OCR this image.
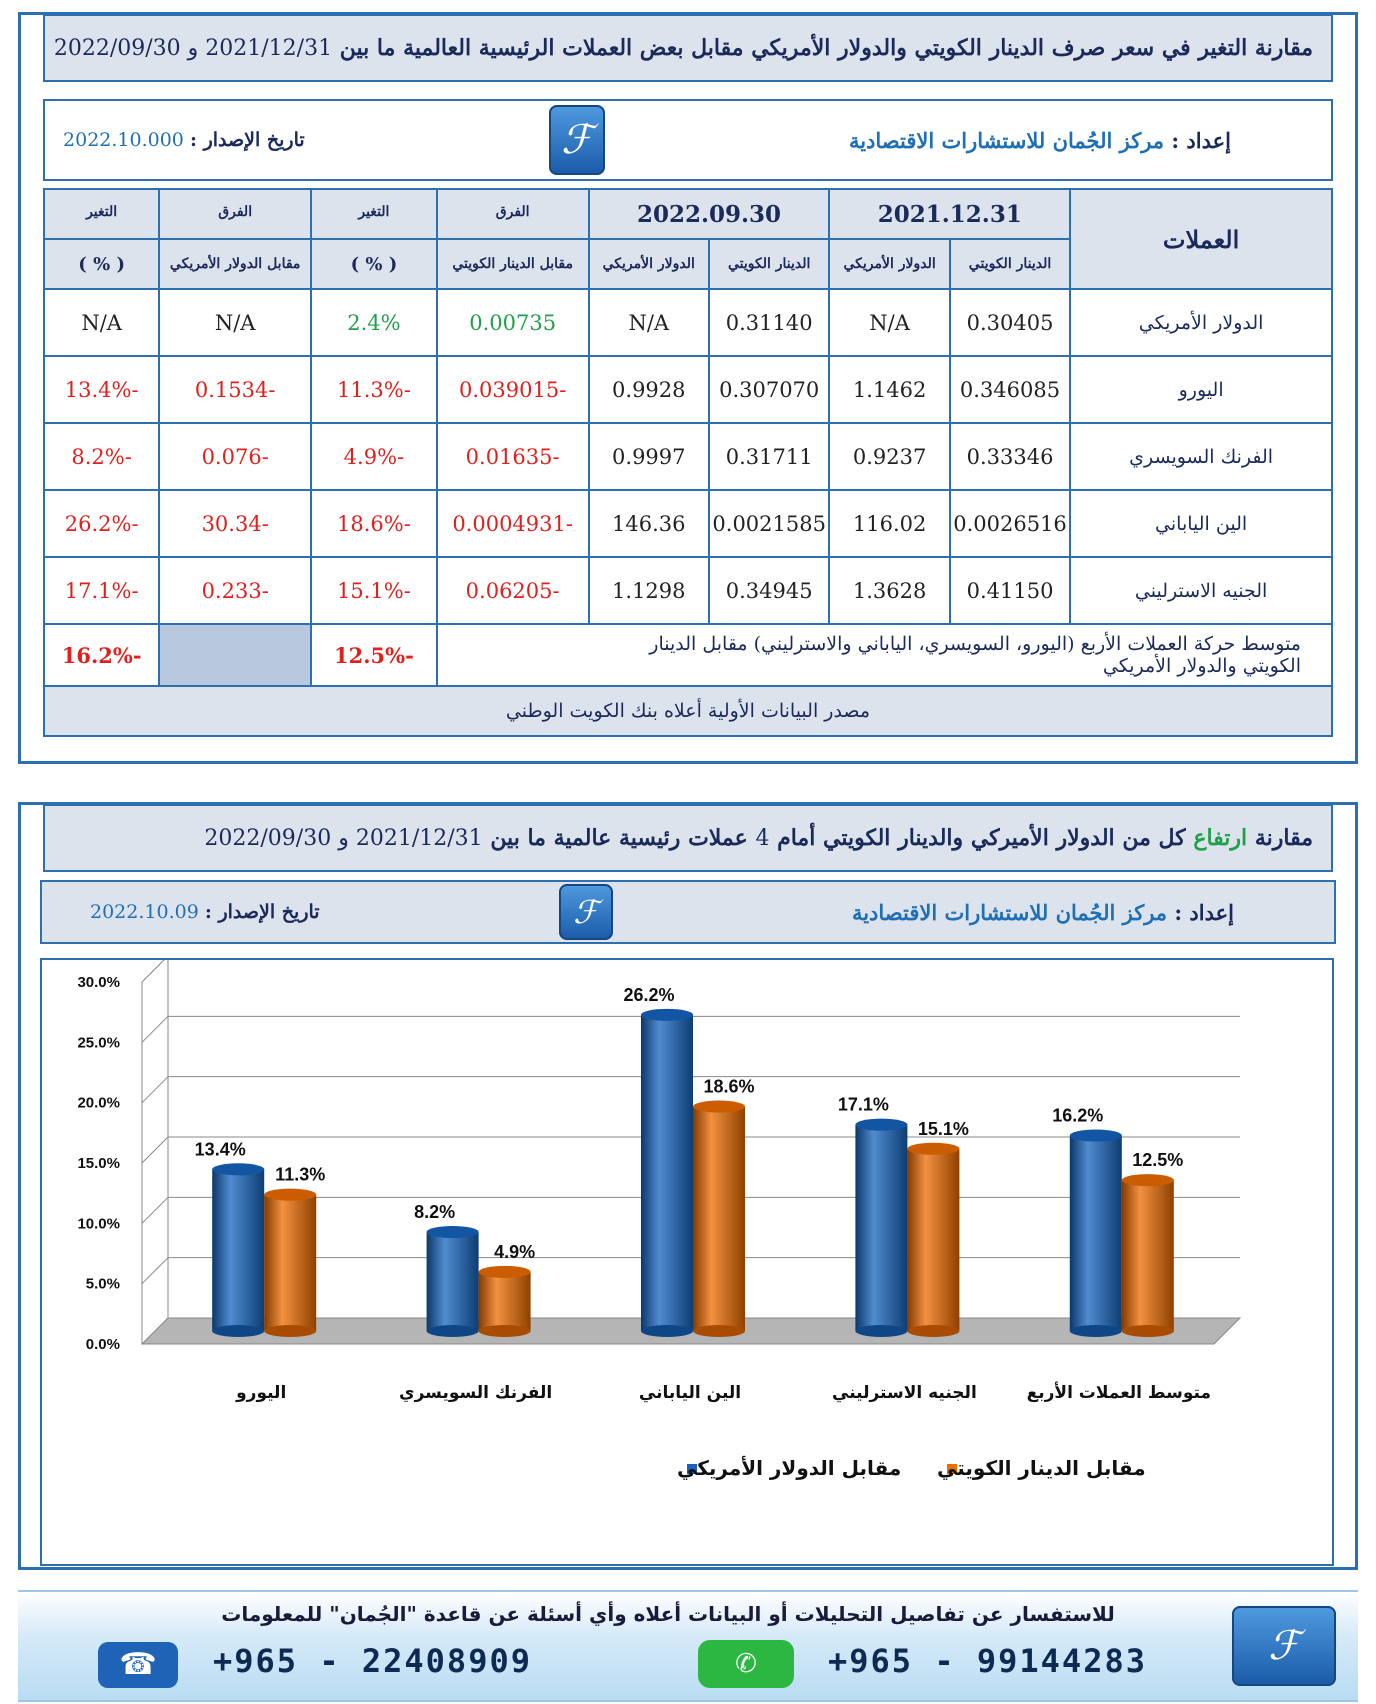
مقارنة التغير في سعر صرف الدينار الكويتي والدولار الأمريكي مقابل بعض العملات الرئيسية العالمية ما بين 2021/12/31 و 2022/09/30
إعداد : مركز الجُمان للاستشارات الاقتصادية
ℱ
تاريخ الإصدار : 2022.10.000
العملات	2021.12.31		2022.09.30		الفرق	التغير	الفرق	التغير
	الدينار الكويتي	الدولار الأمريكي	الدينار الكويتي	الدولار الأمريكي	مقابل الدينار الكويتي	( % )	مقابل الدولار الأمريكي	( % )
الدولار الأمريكي	0.30405	N/A	0.31140	N/A	0.00735	2.4%	N/A	N/A
اليورو	0.346085	1.1462	0.307070	0.9928	-0.039015	-11.3%	-0.1534	-13.4%
الفرنك السويسري	0.33346	0.9237	0.31711	0.9997	-0.01635	-4.9%	-0.076	-8.2%
الين الياباني	0.0026516	116.02	0.0021585	146.36	-0.0004931	-18.6%	-30.34	-26.2%
الجنيه الاسترليني	0.41150	1.3628	0.34945	1.1298	-0.06205	-15.1%	-0.233	-17.1%
متوسط حركة العملات الأربع (اليورو، السويسري، الياباني والاسترليني) مقابل الدينار الكويتي والدولار الأمريكي						-12.5%		-16.2%
مصدر البيانات الأولية أعلاه بنك الكويت الوطني								
مقارنة ارتفاع كل من الدولار الأميركي والدينار الكويتي أمام 4 عملات رئيسية عالمية ما بين 2021/12/31 و 2022/09/30
إعداد : مركز الجُمان للاستشارات الاقتصادية
ℱ
تاريخ الإصدار : 2022.10.09
0.0%
5.0%
10.0%
15.0%
20.0%
25.0%
30.0%
13.4%
11.3%
اليورو
8.2%
4.9%
الفرنك السويسري
26.2%
18.6%
الين الياباني
17.1%
15.1%
الجنيه الاسترليني
16.2%
12.5%
متوسط العملات الأربع
مقابل الدولار الأمريكي مقابل الدينار الكويتي
للاستفسار عن تفاصيل التحليلات أو البيانات أعلاه وأي أسئلة عن قاعدة "الجُمان" للمعلومات
ℱ
☎	+965 - 22408909	✆	+965 - 99144283
